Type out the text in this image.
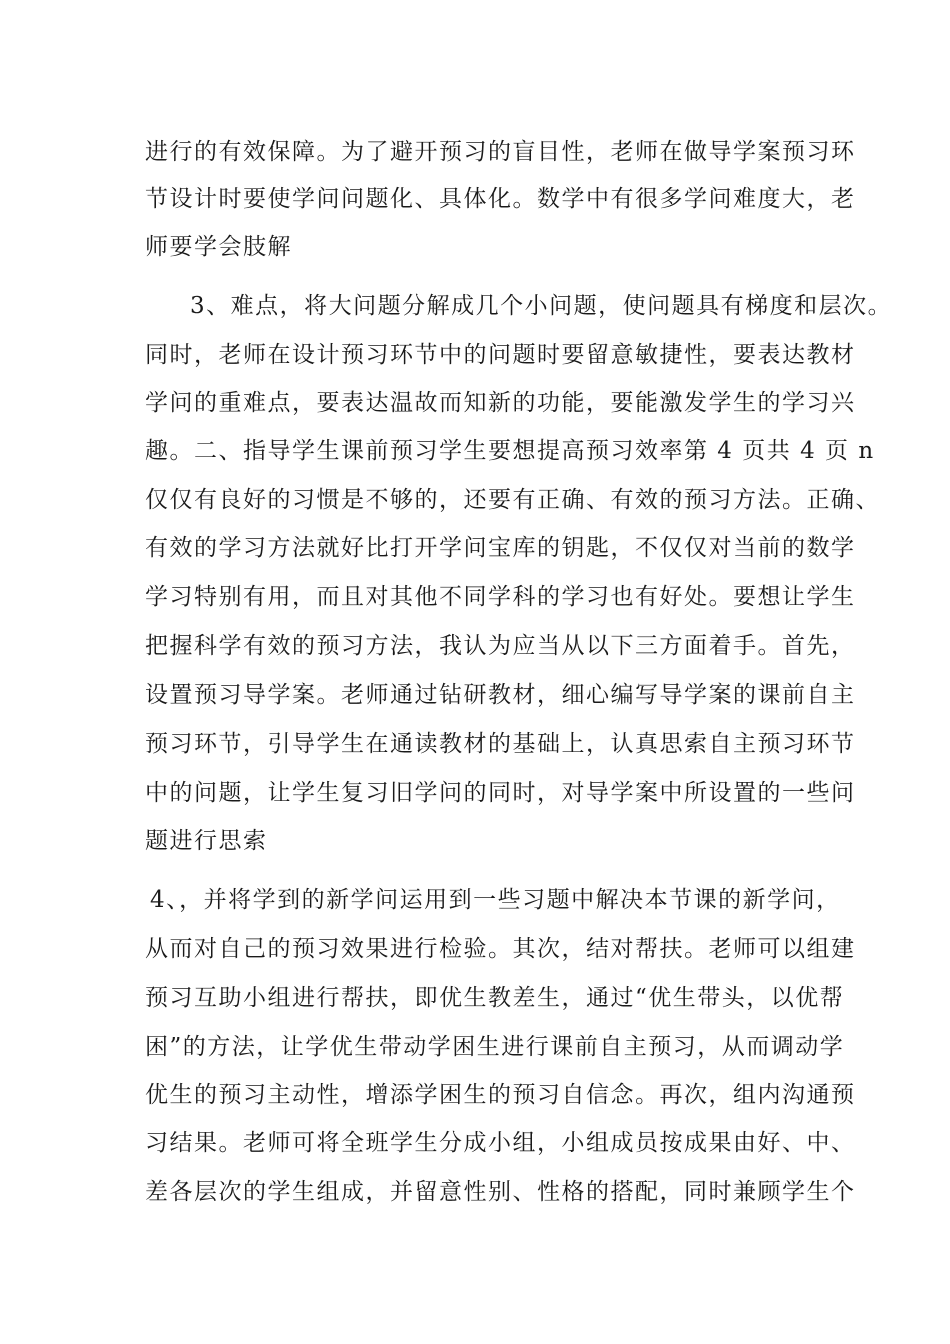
进行的有效保障。为了避开预习的盲目性，老师在做导学案预习环
节设计时要使学问问题化、具体化。数学中有很多学问难度大，老
师要学会肢解
3、难点，将大问题分解成几个小问题，使问题具有梯度和层次。
同时，老师在设计预习环节中的问题时要留意敏捷性，要表达教材
学问的重难点，要表达温故而知新的功能，要能激发学生的学习兴
趣。二、指导学生课前预习学生要想提高预习效率第 4 页共 4 页 n
仅仅有良好的习惯是不够的，还要有正确、有效的预习方法。正确、
有效的学习方法就好比打开学问宝库的钥匙，不仅仅对当前的数学
学习特别有用，而且对其他不同学科的学习也有好处。要想让学生
把握科学有效的预习方法，我认为应当从以下三方面着手。首先，
设置预习导学案。老师通过钻研教材，细心编写导学案的课前自主
预习环节，引导学生在通读教材的基础上，认真思索自主预习环节
中的问题，让学生复习旧学问的同时，对导学案中所设置的一些问
题进行思索
4、，并将学到的新学问运用到一些习题中解决本节课的新学问，
从而对自己的预习效果进行检验。其次，结对帮扶。老师可以组建
预习互助小组进行帮扶，即优生教差生，通过“优生带头，以优帮
困”的方法，让学优生带动学困生进行课前自主预习，从而调动学
优生的预习主动性，增添学困生的预习自信念。再次，组内沟通预
习结果。老师可将全班学生分成小组，小组成员按成果由好、中、
差各层次的学生组成，并留意性别、性格的搭配，同时兼顾学生个
